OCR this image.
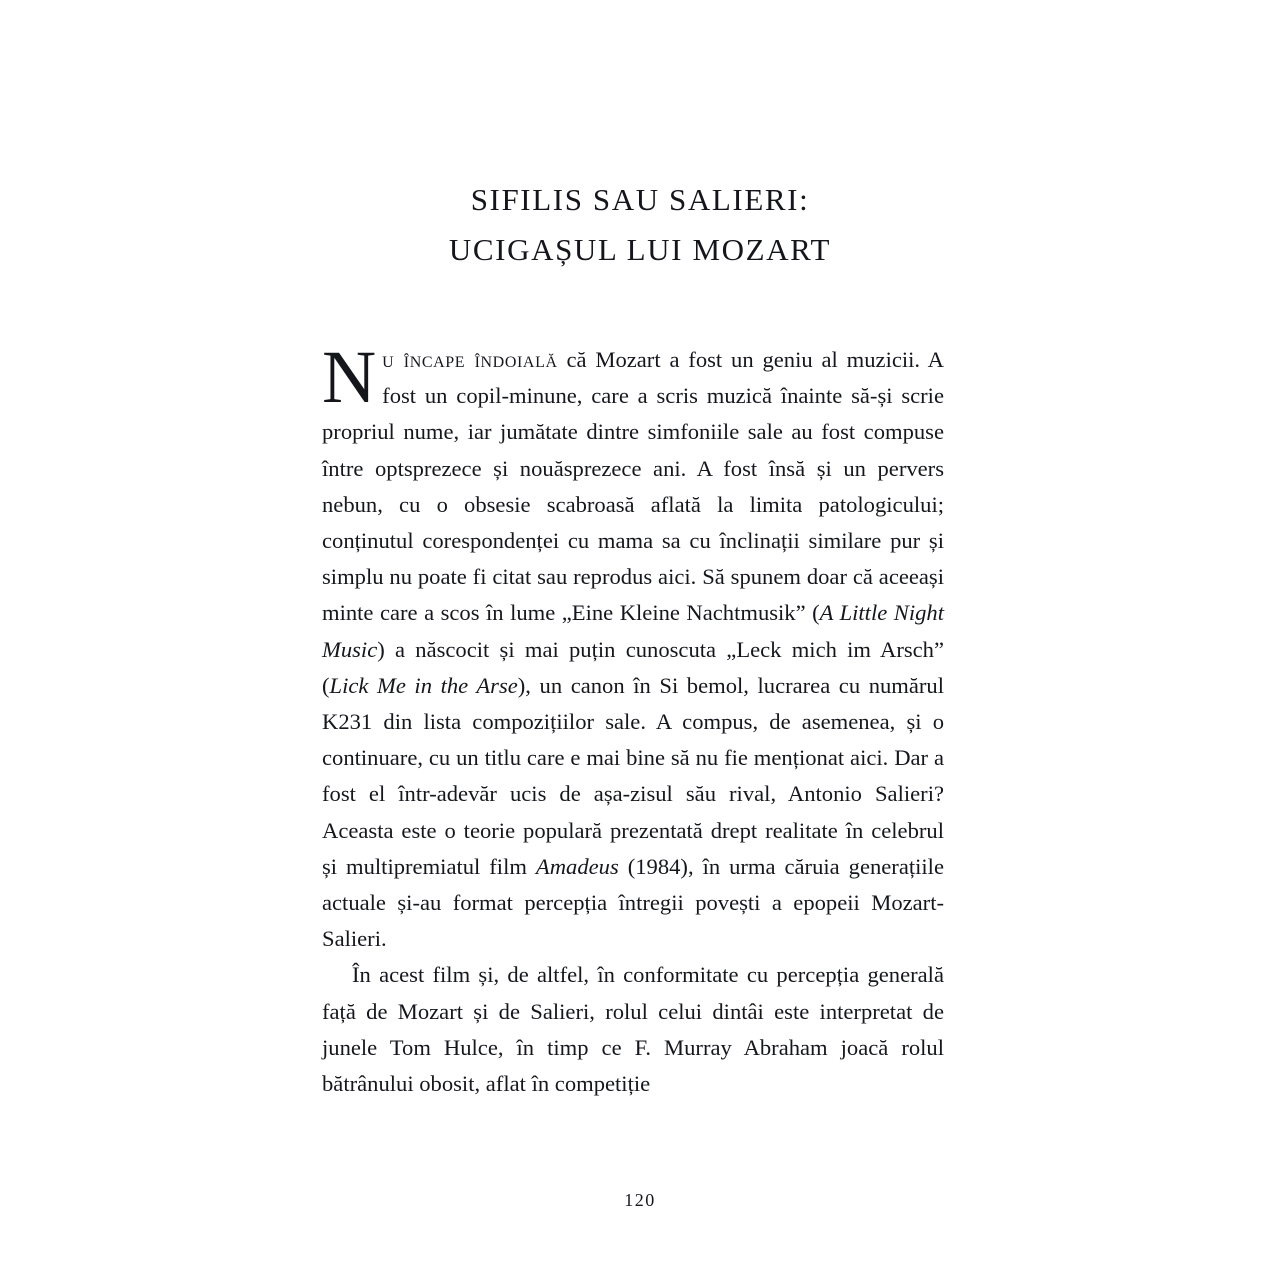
SIFILIS SAU SALIERI:
UCIGAȘUL LUI MOZART

Nu încape îndoială că Mozart a fost un geniu al muzicii. A fost un copil-minune, care a scris muzică înainte să-și scrie propriul nume, iar jumătate dintre simfoniile sale au fost compuse între optsprezece și nouăsprezece ani. A fost însă și un pervers nebun, cu o obsesie scabroasă aflată la limita patologicului; conținutul corespondenței cu mama sa cu înclinații similare pur și simplu nu poate fi citat sau reprodus aici. Să spunem doar că aceeași minte care a scos în lume „Eine Kleine Nachtmusik” (A Little Night Music) a născocit și mai puțin cunoscuta „Leck mich im Arsch” (Lick Me in the Arse), un canon în Si bemol, lucrarea cu numărul K231 din lista compozițiilor sale. A compus, de asemenea, și o continuare, cu un titlu care e mai bine să nu fie menționat aici. Dar a fost el într-adevăr ucis de așa-zisul său rival, Antonio Salieri? Aceasta este o teorie populară prezentată drept realitate în celebrul și multipremiatul film Amadeus (1984), în urma căruia generațiile actuale și-au format percepția întregii povești a epopeii Mozart-Salieri.

În acest film și, de altfel, în conformitate cu percepția generală față de Mozart și de Salieri, rolul celui dintâi este interpretat de junele Tom Hulce, în timp ce F. Murray Abraham joacă rolul bătrânului obosit, aflat în competiție

120
